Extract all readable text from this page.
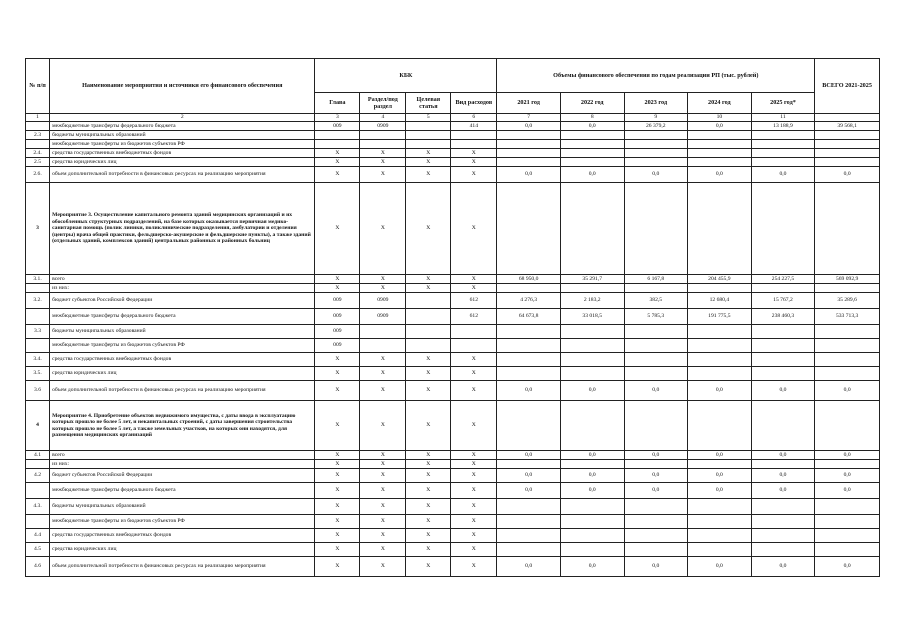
№ п/п	Наименование мероприятия и источники его финансового обеспечения	КБК				Объемы финансового обеспечения по годам реализации РП (тыс. рублей)					ВСЕГО 2021-2025
		Глава	Раздел/под раздел	Целевая статья	Вид расходов	2021 год	2022 год	2023 год	2024 год	2025 год*	
1	2	3	4	5	6	7	8	9	10	11	
	межбюджетные трансферты федерального бюджета	009	0909		414	0,0	0,0	26 379,2	0,0	13 188,9	39 568,1
2.3	бюджеты муниципальных образований										
	межбюджетные трансферты из бюджетов субъектов РФ										
2.4.	средства государственных внебюджетных фондов	Х	Х	Х	Х						
2.5	средства юридических лиц	Х	Х	Х	Х						
2.6.	объем дополнительной потребности в финансовых ресурсах на реализацию мероприятия	Х	Х	Х	Х	0,0	0,0	0,0	0,0	0,0	0,0
3	Мероприятие 3. Осуществление капитального ремонта зданий медицинских организаций и их обособленных структурных подразделений, на базе которых оказывается первичная медико-санитарная помощь (полик линики, поликлинические подразделения, амбулатории и отделения (центры) врача общей практики, фельдшерско-акушерские и фельдшерские пункты), а также зданий (отдельных зданий, комплексов зданий) центральных районных и районных больниц	Х	Х	Х	Х						
3.1.	всего	Х	Х	Х	Х	68 950,0	35 291,7	6 167,8	204 455,9	254 227,5	569 092,9
	из них:	Х	Х	Х	Х						
3.2.	бюджет субъектов Российской Федерации	009	0909		612	4 276,3	2 183,2	382,5	12 680,4	15 767,2	35 289,6
	межбюджетные трансферты федерального бюджета	009	0909		612	64 673,8	33 018,5	5 785,3	191 775,5	238 460,3	533 713,3
3.3	бюджеты муниципальных образований	009									
	межбюджетные трансферты из бюджетов субъектов РФ	009									
3.4.	средства государственных внебюджетных фондов	Х	Х	Х	Х						
3.5.	средства юридических лиц	Х	Х	Х	Х						
3.6	объем дополнительной потребности в финансовых ресурсах на реализацию мероприятия	Х	Х	Х	Х	0,0	0,0	0,0	0,0	0,0	0,0
4	Мероприятие 4. Приобретение объектов недвижимого имущества, с даты ввода в эксплуатацию которых прошло не более 5 лет, и некапитальных строений, с даты завершения строительства которых прошло не более 5 лет, а также земельных участков, на которых они находятся, для размещения медицинских организаций	Х	Х	Х	Х						
4.1	всего	Х	Х	Х	Х	0,0	0,0	0,0	0,0	0,0	0,0
	из них:	Х	Х	Х	Х						
4.2	бюджет субъектов Российской Федерации	Х	Х	Х	Х	0,0	0,0	0,0	0,0	0,0	0,0
	межбюджетные трансферты федерального бюджета	Х	Х	Х	Х	0,0	0,0	0,0	0,0	0,0	0,0
4.3.	бюджеты муниципальных образований	Х	Х	Х	Х						
	межбюджетные трансферты из бюджетов субъектов РФ	Х	Х	Х	Х						
4.4	средства государственных внебюджетных фондов	Х	Х	Х	Х						
4.5	средства юридических лиц	Х	Х	Х	Х						
4.6	объем дополнительной потребности в финансовых ресурсах на реализацию мероприятия	Х	Х	Х	Х	0,0	0,0	0,0	0,0	0,0	0,0
